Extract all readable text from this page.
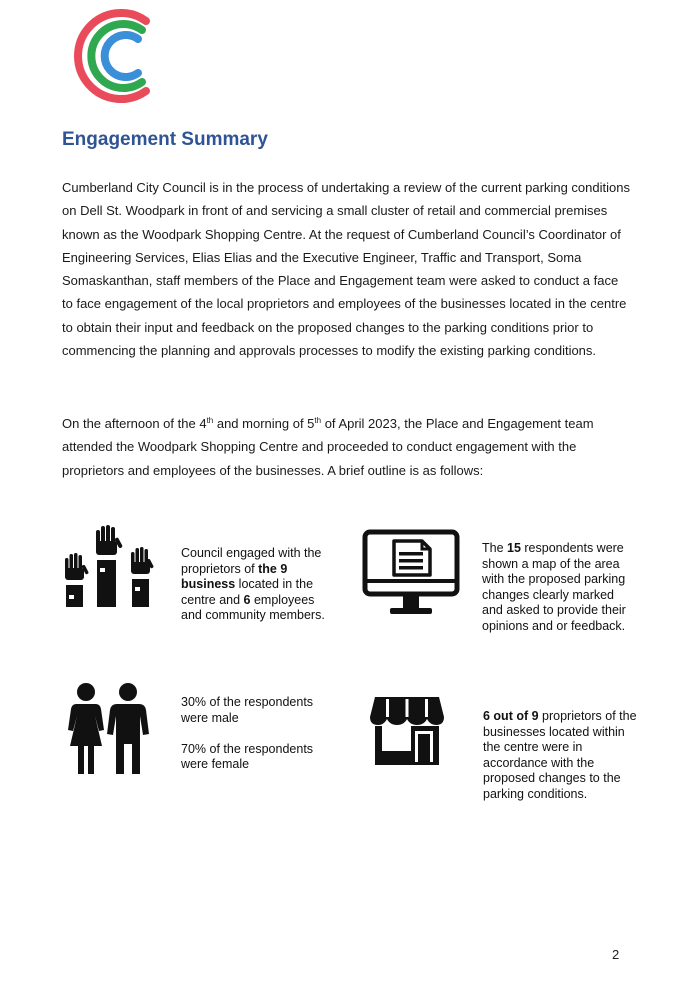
Engagement Summary

Cumberland City Council is in the process of undertaking a review of the current parking conditions on Dell St. Woodpark in front of and servicing a small cluster of retail and commercial premises known as the Woodpark Shopping Centre. At the request of Cumberland Council’s Coordinator of Engineering Services, Elias Elias and the Executive Engineer, Traffic and Transport, Soma Somaskanthan, staff members of the Place and Engagement team were asked to conduct a face to face engagement of the local proprietors and employees of the businesses located in the centre to obtain their input and feedback on the proposed changes to the parking conditions prior to commencing the planning and approvals processes to modify the existing parking conditions.

On the afternoon of the 4th and morning of 5th of April 2023, the Place and Engagement team attended the Woodpark Shopping Centre and proceeded to conduct engagement with the proprietors and employees of the businesses. A brief outline is as follows:

Council engaged with the proprietors of the 9 business located in the centre and 6 employees and community members.
The 15 respondents were shown a map of the area with the proposed parking changes clearly marked and asked to provide their opinions and or feedback.

30% of the respondents were male

70% of the respondents were female

6 out of 9 proprietors of the businesses located within the centre were in accordance with the proposed changes to the parking conditions.
2
